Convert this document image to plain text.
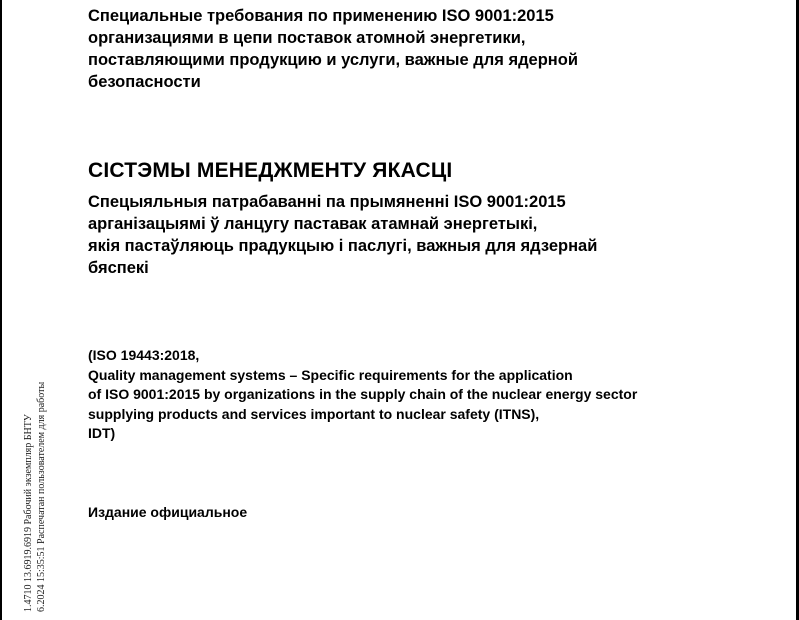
Специальные требования по применению ISO 9001:2015
организациями в цепи поставок атомной энергетики,
поставляющими продукцию и услуги, важные для ядерной
безопасности

СІСТЭМЫ МЕНЕДЖМЕНТУ ЯКАСЦІ

Спецыяльныя патрабаванні па прымяненні ISO 9001:2015
арганізацыямі ў ланцугу паставак атамнай энергетыкі,
якія пастаўляюць прадукцыю і паслугі, важныя для ядзернай
бяспекі

(ISO 19443:2018,
Quality management systems – Specific requirements for the application
of ISO 9001:2015 by organizations in the supply chain of the nuclear energy sector
supplying products and services important to nuclear safety (ITNS),
IDT)

Издание официальное

1.4710 13.6919.6919 Рабочий экземпляр БНТУ 6.2024 15:35:51 Распечатан пользователем для работы
